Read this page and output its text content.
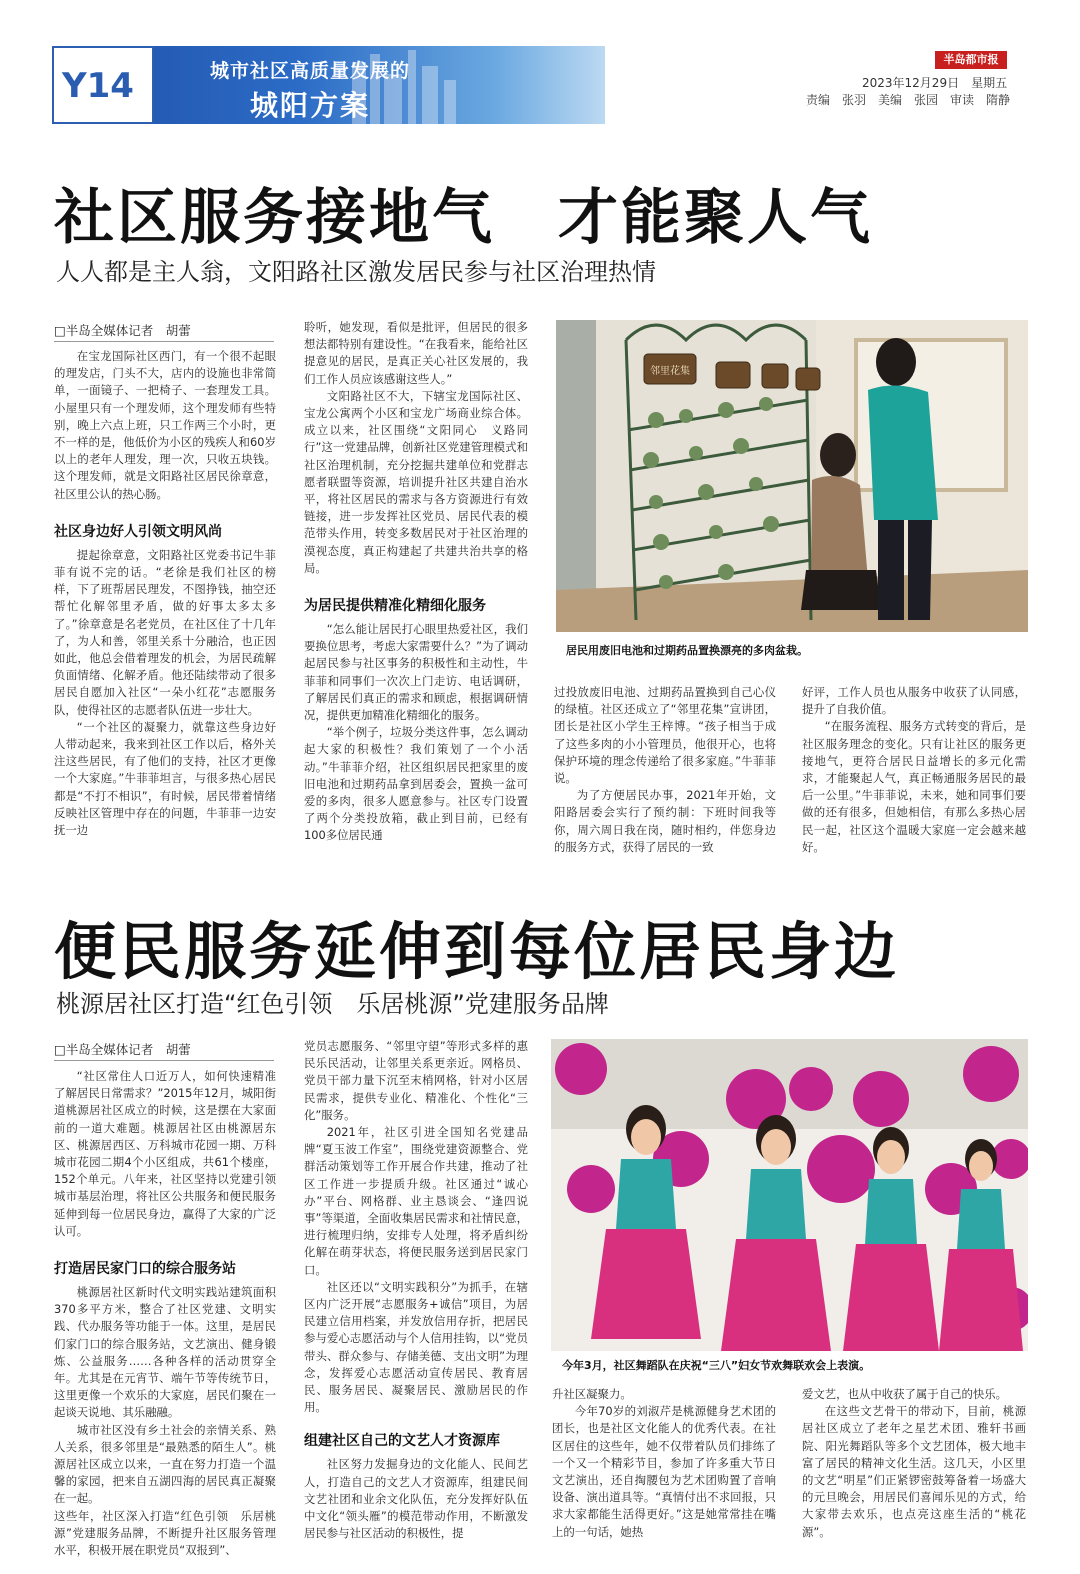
Y14	城市社区高质量发展的
城阳方案
半岛都市报
2023年12月29日　星期五
责编　张羽　美编　张园　审读　隋静
社区服务接地气　才能聚人气
人人都是主人翁，文阳路社区激发居民参与社区治理热情
□半岛全媒体记者　胡蕾

在宝龙国际社区西门，有一个很不起眼的理发店，门头不大，店内的设施也非常简单，一面镜子、一把椅子、一套理发工具。小屋里只有一个理发师，这个理发师有些特别，晚上六点上班，只工作两三个小时，更不一样的是，他低价为小区的残疾人和60岁以上的老年人理发，理一次，只收五块钱。这个理发师，就是文阳路社区居民徐章意，社区里公认的热心肠。

社区身边好人引领文明风尚

提起徐章意，文阳路社区党委书记牛菲菲有说不完的话。“老徐是我们社区的榜样，下了班帮居民理发，不图挣钱，抽空还帮忙化解邻里矛盾，做的好事太多太多了。”徐章意是名老党员，在社区住了十几年了，为人和善，邻里关系十分融洽，也正因如此，他总会借着理发的机会，为居民疏解负面情绪、化解矛盾。他还陆续带动了很多居民自愿加入社区“一朵小红花”志愿服务队，使得社区的志愿者队伍进一步壮大。

“一个社区的凝聚力，就靠这些身边好人带动起来，我来到社区工作以后，格外关注这些居民，有了他们的支持，社区才更像一个大家庭。”牛菲菲坦言，与很多热心居民都是“不打不相识”，有时候，居民带着情绪反映社区管理中存在的问题，牛菲菲一边安抚一边

聆听，她发现，看似是批评，但居民的很多想法都特别有建设性。“在我看来，能给社区提意见的居民，是真正关心社区发展的，我们工作人员应该感谢这些人。”

文阳路社区不大，下辖宝龙国际社区、宝龙公寓两个小区和宝龙广场商业综合体。成立以来，社区围绕“文阳同心　义路同行”这一党建品牌，创新社区党建管理模式和社区治理机制，充分挖掘共建单位和党群志愿者联盟等资源，培训提升社区共建自治水平，将社区居民的需求与各方资源进行有效链接，进一步发挥社区党员、居民代表的模范带头作用，转变多数居民对于社区治理的漠视态度，真正构建起了共建共治共享的格局。

为居民提供精准化精细化服务

“怎么能让居民打心眼里热爱社区，我们要换位思考，考虑大家需要什么？”为了调动起居民参与社区事务的积极性和主动性，牛菲菲和同事们一次次上门走访、电话调研，了解居民们真正的需求和顾虑，根据调研情况，提供更加精准化精细化的服务。

“举个例子，垃圾分类这件事，怎么调动起大家的积极性？我们策划了一个小活动。”牛菲菲介绍，社区组织居民把家里的废旧电池和过期药品拿到居委会，置换一盆可爱的多肉，很多人愿意参与。社区专门设置了两个分类投放箱，截止到目前，已经有100多位居民通

邻里花集
居民用废旧电池和过期药品置换漂亮的多肉盆栽。

过投放废旧电池、过期药品置换到自己心仪的绿植。社区还成立了“邻里花集”宣讲团，团长是社区小学生王梓博。“孩子相当于成了这些多肉的小小管理员，他很开心，也将保护环境的理念传递给了很多家庭。”牛菲菲说。

为了方便居民办事，2021年开始，文阳路居委会实行了预约制：下班时间我等你，周六周日我在岗，随时相约，伴您身边的服务方式，获得了居民的一致

好评，工作人员也从服务中收获了认同感，提升了自我价值。

“在服务流程、服务方式转变的背后，是社区服务理念的变化。只有让社区的服务更接地气，更符合居民日益增长的多元化需求，才能聚起人气，真正畅通服务居民的最后一公里。”牛菲菲说，未来，她和同事们要做的还有很多，但她相信，有那么多热心居民一起，社区这个温暖大家庭一定会越来越好。

便民服务延伸到每位居民身边
桃源居社区打造“红色引领　乐居桃源”党建服务品牌
□半岛全媒体记者　胡蕾

“社区常住人口近万人，如何快速精准了解居民日常需求？”2015年12月，城阳街道桃源居社区成立的时候，这是摆在大家面前的一道大难题。桃源居社区由桃源居东区、桃源居西区、万科城市花园一期、万科城市花园二期4个小区组成，共61个楼座，152个单元。八年来，社区坚持以党建引领城市基层治理，将社区公共服务和便民服务延伸到每一位居民身边，赢得了大家的广泛认可。

打造居民家门口的综合服务站

桃源居社区新时代文明实践站建筑面积370多平方米，整合了社区党建、文明实践、代办服务等功能于一体。这里，是居民们家门口的综合服务站，文艺演出、健身锻炼、公益服务……各种各样的活动贯穿全年。尤其是在元宵节、端午节等传统节日，这里更像一个欢乐的大家庭，居民们聚在一起谈天说地、其乐融融。

城市社区没有乡土社会的亲情关系、熟人关系，很多邻里是“最熟悉的陌生人”。桃源居社区成立以来，一直在努力打造一个温馨的家园，把来自五湖四海的居民真正凝聚在一起。

这些年，社区深入打造“红色引领　乐居桃源”党建服务品牌，不断提升社区服务管理水平，积极开展在职党员“双报到”、

党员志愿服务、“邻里守望”等形式多样的惠民乐民活动，让邻里关系更亲近。网格员、党员干部力量下沉至末梢网格，针对小区居民需求，提供专业化、精准化、个性化“三化”服务。

2021年，社区引进全国知名党建品牌“夏玉波工作室”，围绕党建资源整合、党群活动策划等工作开展合作共建，推动了社区工作进一步提质升级。社区通过“诚心办”平台、网格群、业主恳谈会、“逢四说事”等渠道，全面收集居民需求和社情民意，进行梳理归纳，安排专人处理，将矛盾纠纷化解在萌芽状态，将便民服务送到居民家门口。

社区还以“文明实践积分”为抓手，在辖区内广泛开展“志愿服务+诚信”项目，为居民建立信用档案，并发放信用存折，把居民参与爱心志愿活动与个人信用挂钩，以“党员带头、群众参与、存储美德、支出文明”为理念，发挥爱心志愿活动宣传居民、教育居民、服务居民、凝聚居民、激励居民的作用。

组建社区自己的文艺人才资源库

社区努力发掘身边的文化能人、民间艺人，打造自己的文艺人才资源库，组建民间文艺社团和业余文化队伍，充分发挥好队伍中文化“领头雁”的模范带动作用，不断激发居民参与社区活动的积极性，提

今年3月，社区舞蹈队在庆祝“三八”妇女节欢舞联欢会上表演。

升社区凝聚力。

今年70岁的刘淑芹是桃源健身艺术团的团长，也是社区文化能人的优秀代表。在社区居住的这些年，她不仅带着队员们排练了一个又一个精彩节目，参加了许多重大节日文艺演出，还自掏腰包为艺术团购置了音响设备、演出道具等。“真情付出不求回报，只求大家都能生活得更好。”这是她常常挂在嘴上的一句话，她热

爱文艺，也从中收获了属于自己的快乐。

在这些文艺骨干的带动下，目前，桃源居社区成立了老年之星艺术团、雅轩书画院、阳光舞蹈队等多个文艺团体，极大地丰富了居民的精神文化生活。这几天，小区里的文艺“明星”们正紧锣密鼓筹备着一场盛大的元旦晚会，用居民们喜闻乐见的方式，给大家带去欢乐，也点亮这座生活的“桃花源”。
